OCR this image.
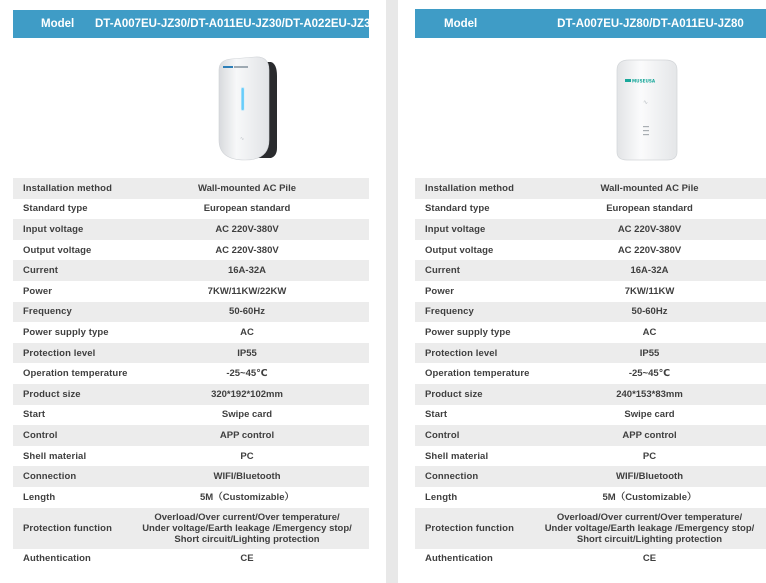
Model DT-A007EU-JZ30/DT-A011EU-JZ30/DT-A022EU-JZ30
∿
Installation method	Wall-mounted AC Pile
Standard type	European standard
Input voltage	AC 220V-380V
Output voltage	AC 220V-380V
Current	16A-32A
Power	7KW/11KW/22KW
Frequency	50-60Hz
Power supply type	AC
Protection level	IP55
Operation temperature	-25~45℃
Product size	320*192*102mm
Start	Swipe card
Control	APP control
Shell material	PC
Connection	WIFI/Bluetooth
Length	5M（Customizable）
Protection function
Overload/Over current/Over temperature/
Under voltage/Earth leakage /Emergency stop/
Short circuit/Lighting protection
Authentication	CE
Model	DT-A007EU-JZ80/DT-A011EU-JZ80
MUSEUSA
∿
Installation method	Wall-mounted AC Pile
Standard type	European standard
Input voltage	AC 220V-380V
Output voltage	AC 220V-380V
Current	16A-32A
Power	7KW/11KW
Frequency	50-60Hz
Power supply type	AC
Protection level	IP55
Operation temperature	-25~45℃
Product size	240*153*83mm
Start	Swipe card
Control	APP control
Shell material	PC
Connection	WIFI/Bluetooth
Length	5M（Customizable）
Protection function
Overload/Over current/Over temperature/
Under voltage/Earth leakage /Emergency stop/
Short circuit/Lighting protection
Authentication	CE
